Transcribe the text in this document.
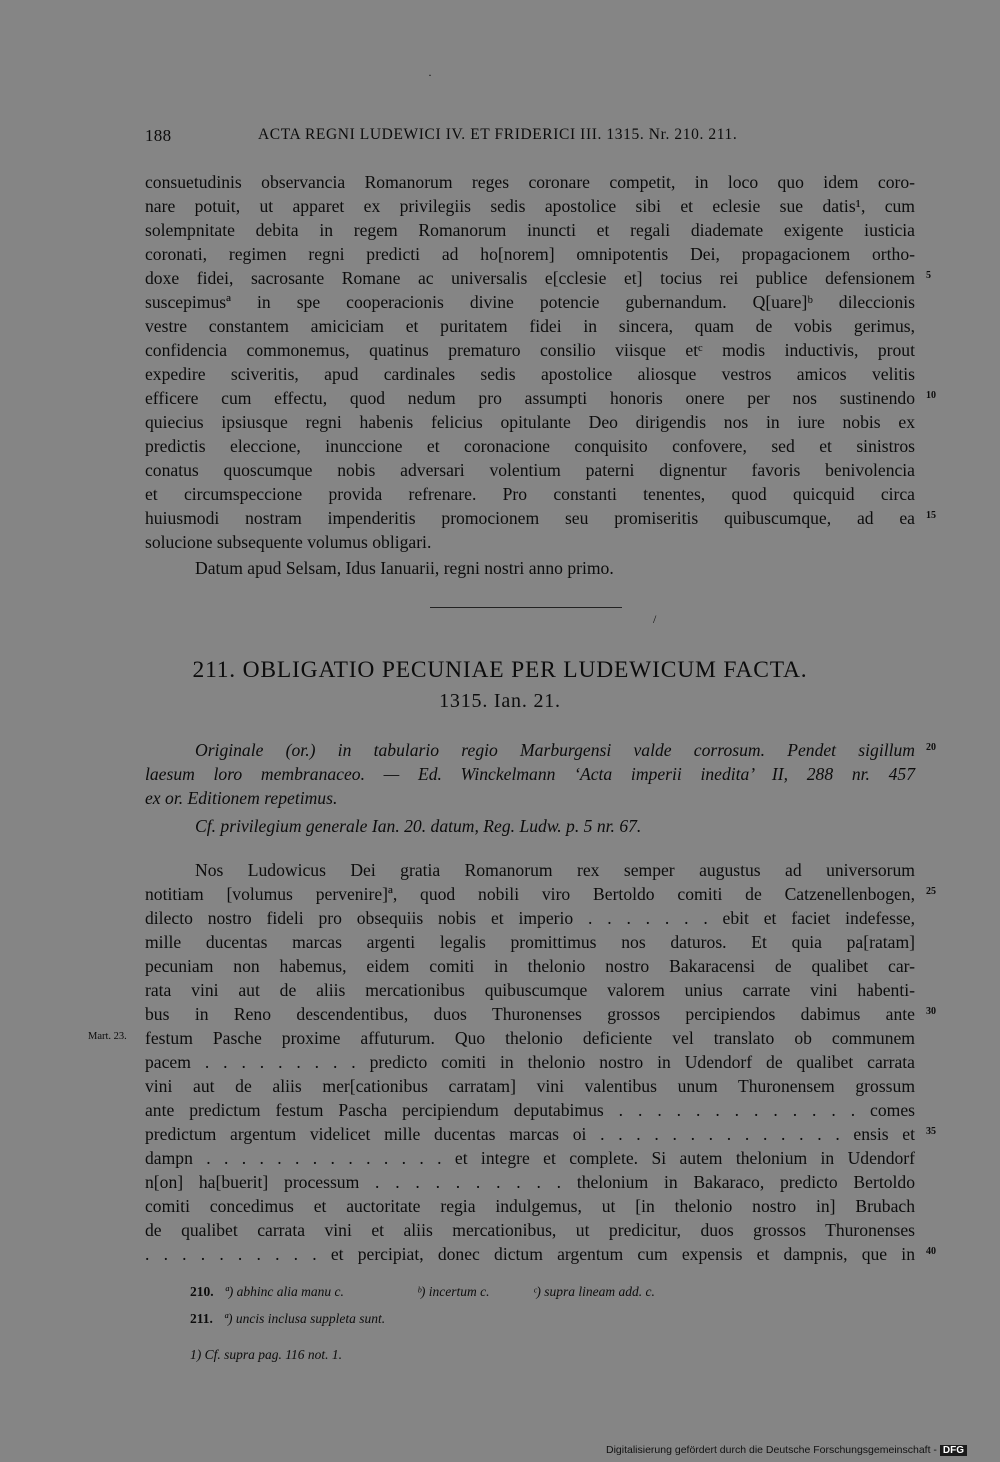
·
188	ACTA REGNI LUDEWICI IV. ET FRIDERICI III. 1315. Nr. 210. 211.
consuetudinis observancia Romanorum reges coronare competit, in loco quo idem coro-
nare potuit, ut apparet ex privilegiis sedis apostolice sibi et eclesie sue datis¹, cum
solempnitate debita in regem Romanorum inuncti et regali diademate exigente iusticia
coronati, regimen regni predicti ad ho[norem] omnipotentis Dei, propagacionem ortho-
doxe fidei, sacrosante Romane ac universalis e[cclesie et] tocius rei publice defensionem
suscepimusª in spe cooperacionis divine potencie gubernandum. Q[uare]ᵇ dileccionis
vestre constantem amiciciam et puritatem fidei in sincera, quam de vobis gerimus,
confidencia commonemus, quatinus prematuro consilio viisque etᶜ modis inductivis, prout
expedire sciveritis, apud cardinales sedis apostolice aliosque vestros amicos velitis
efficere cum effectu, quod nedum pro assumpti honoris onere per nos sustinendo
quiecius ipsiusque regni habenis felicius opitulante Deo dirigendis nos in iure nobis ex
predictis eleccione, inunccione et coronacione conquisito confovere, sed et sinistros
conatus quoscumque nobis adversari volentium paterni dignentur favoris benivolencia
et circumspeccione provida refrenare. Pro constanti tenentes, quod quicquid circa
huiusmodi nostram impenderitis promocionem seu promiseritis quibuscumque, ad ea
solucione subsequente volumus obligari.
Datum apud Selsam, Idus Ianuarii, regni nostri anno primo.
5
10
15
/
211. OBLIGATIO PECUNIAE PER LUDEWICUM FACTA.
1315. Ian. 21.
Originale (or.) in tabulario regio Marburgensi valde corrosum. Pendet sigillum
laesum loro membranaceo. — Ed. Winckelmann ‘Acta imperii inedita’ II, 288 nr. 457
ex or. Editionem repetimus.
Cf. privilegium generale Ian. 20. datum, Reg. Ludw. p. 5 nr. 67.
20
Nos Ludowicus Dei gratia Romanorum rex semper augustus ad universorum
notitiam [volumus pervenire]ª, quod nobili viro Bertoldo comiti de Catzenellenbogen,
dilecto nostro fideli pro obsequiis nobis et imperio . . . . . . . ebit et faciet indefesse,
mille ducentas marcas argenti legalis promittimus nos daturos. Et quia pa[ratam]
pecuniam non habemus, eidem comiti in thelonio nostro Bakaracensi de qualibet car-
rata vini aut de aliis mercationibus quibuscumque valorem unius carrate vini habenti-
bus in Reno descendentibus, duos Thuronenses grossos percipiendos dabimus ante
festum Pasche proxime affuturum. Quo thelonio deficiente vel translato ob communem
pacem . . . . . . . . . predicto comiti in thelonio nostro in Udendorf de qualibet carrata
vini aut de aliis mer[cationibus carratam] vini valentibus unum Thuronensem grossum
ante predictum festum Pascha percipiendum deputabimus . . . . . . . . . . . . . comes
predictum argentum videlicet mille ducentas marcas oi . . . . . . . . . . . . . . ensis et
dampn . . . . . . . . . . . . . . et integre et complete. Si autem thelonium in Udendorf
n[on] ha[buerit] processum . . . . . . . . . . thelonium in Bakaraco, predicto Bertoldo
comiti concedimus et auctoritate regia indulgemus, ut [in thelonio nostro in] Brubach
de qualibet carrata vini et aliis mercationibus, ut predicitur, duos grossos Thuronenses
. . . . . . . . . . et percipiat, donec dictum argentum cum expensis et dampnis, que in
25
30
35
40
Mart. 23.
210. ª) abhinc alia manu c.	ᵇ) incertum c.	ᶜ) supra lineam add. c.
211. ª) uncis inclusa suppleta sunt.
1) Cf. supra pag. 116 not. 1.
Digitalisierung gefördert durch die Deutsche Forschungsgemeinschaft - DFG
